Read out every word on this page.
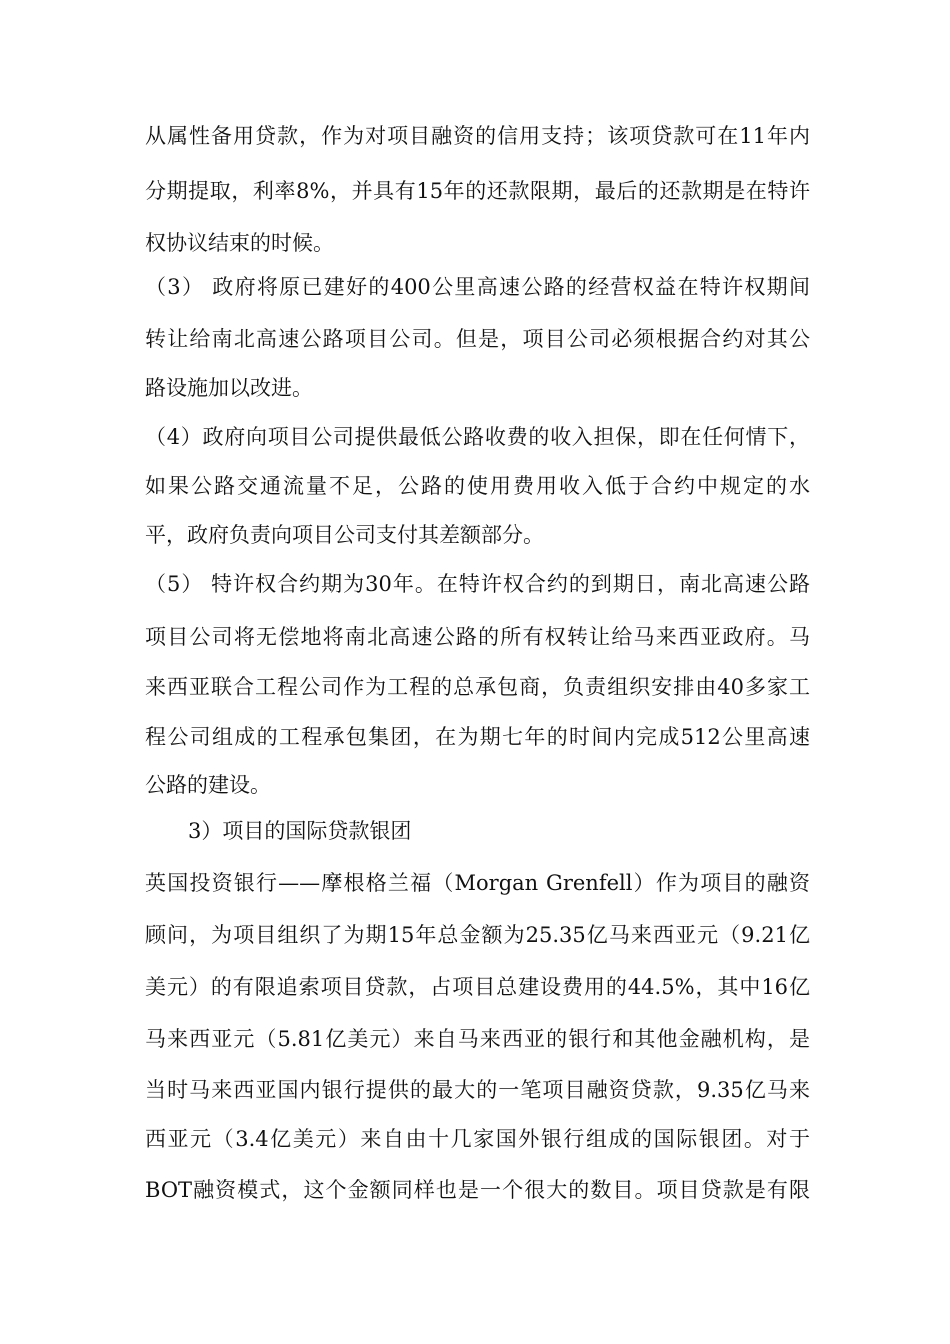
从属性备用贷款，作为对项目融资的信用支持；该项贷款可在11年内
分期提取，利率8%，并具有15年的还款限期，最后的还款期是在特许
权协议结束的时候。
（3） 政府将原已建好的400公里高速公路的经营权益在特许权期间
转让给南北高速公路项目公司。但是，项目公司必须根据合约对其公
路设施加以改进。
（4）政府向项目公司提供最低公路收费的收入担保，即在任何情下，
如果公路交通流量不足，公路的使用费用收入低于合约中规定的水
平，政府负责向项目公司支付其差额部分。
（5） 特许权合约期为30年。在特许权合约的到期日，南北高速公路
项目公司将无偿地将南北高速公路的所有权转让给马来西亚政府。马
来西亚联合工程公司作为工程的总承包商，负责组织安排由40多家工
程公司组成的工程承包集团，在为期七年的时间内完成512公里高速
公路的建设。
3）项目的国际贷款银团
英国投资银行——摩根格兰福（Morgan Grenfell）作为项目的融资
顾问，为项目组织了为期15年总金额为25.35亿马来西亚元（9.21亿
美元）的有限追索项目贷款，占项目总建设费用的44.5%，其中16亿
马来西亚元（5.81亿美元）来自马来西亚的银行和其他金融机构，是
当时马来西亚国内银行提供的最大的一笔项目融资贷款，9.35亿马来
西亚元（3.4亿美元）来自由十几家国外银行组成的国际银团。对于
BOT融资模式，这个金额同样也是一个很大的数目。项目贷款是有限
